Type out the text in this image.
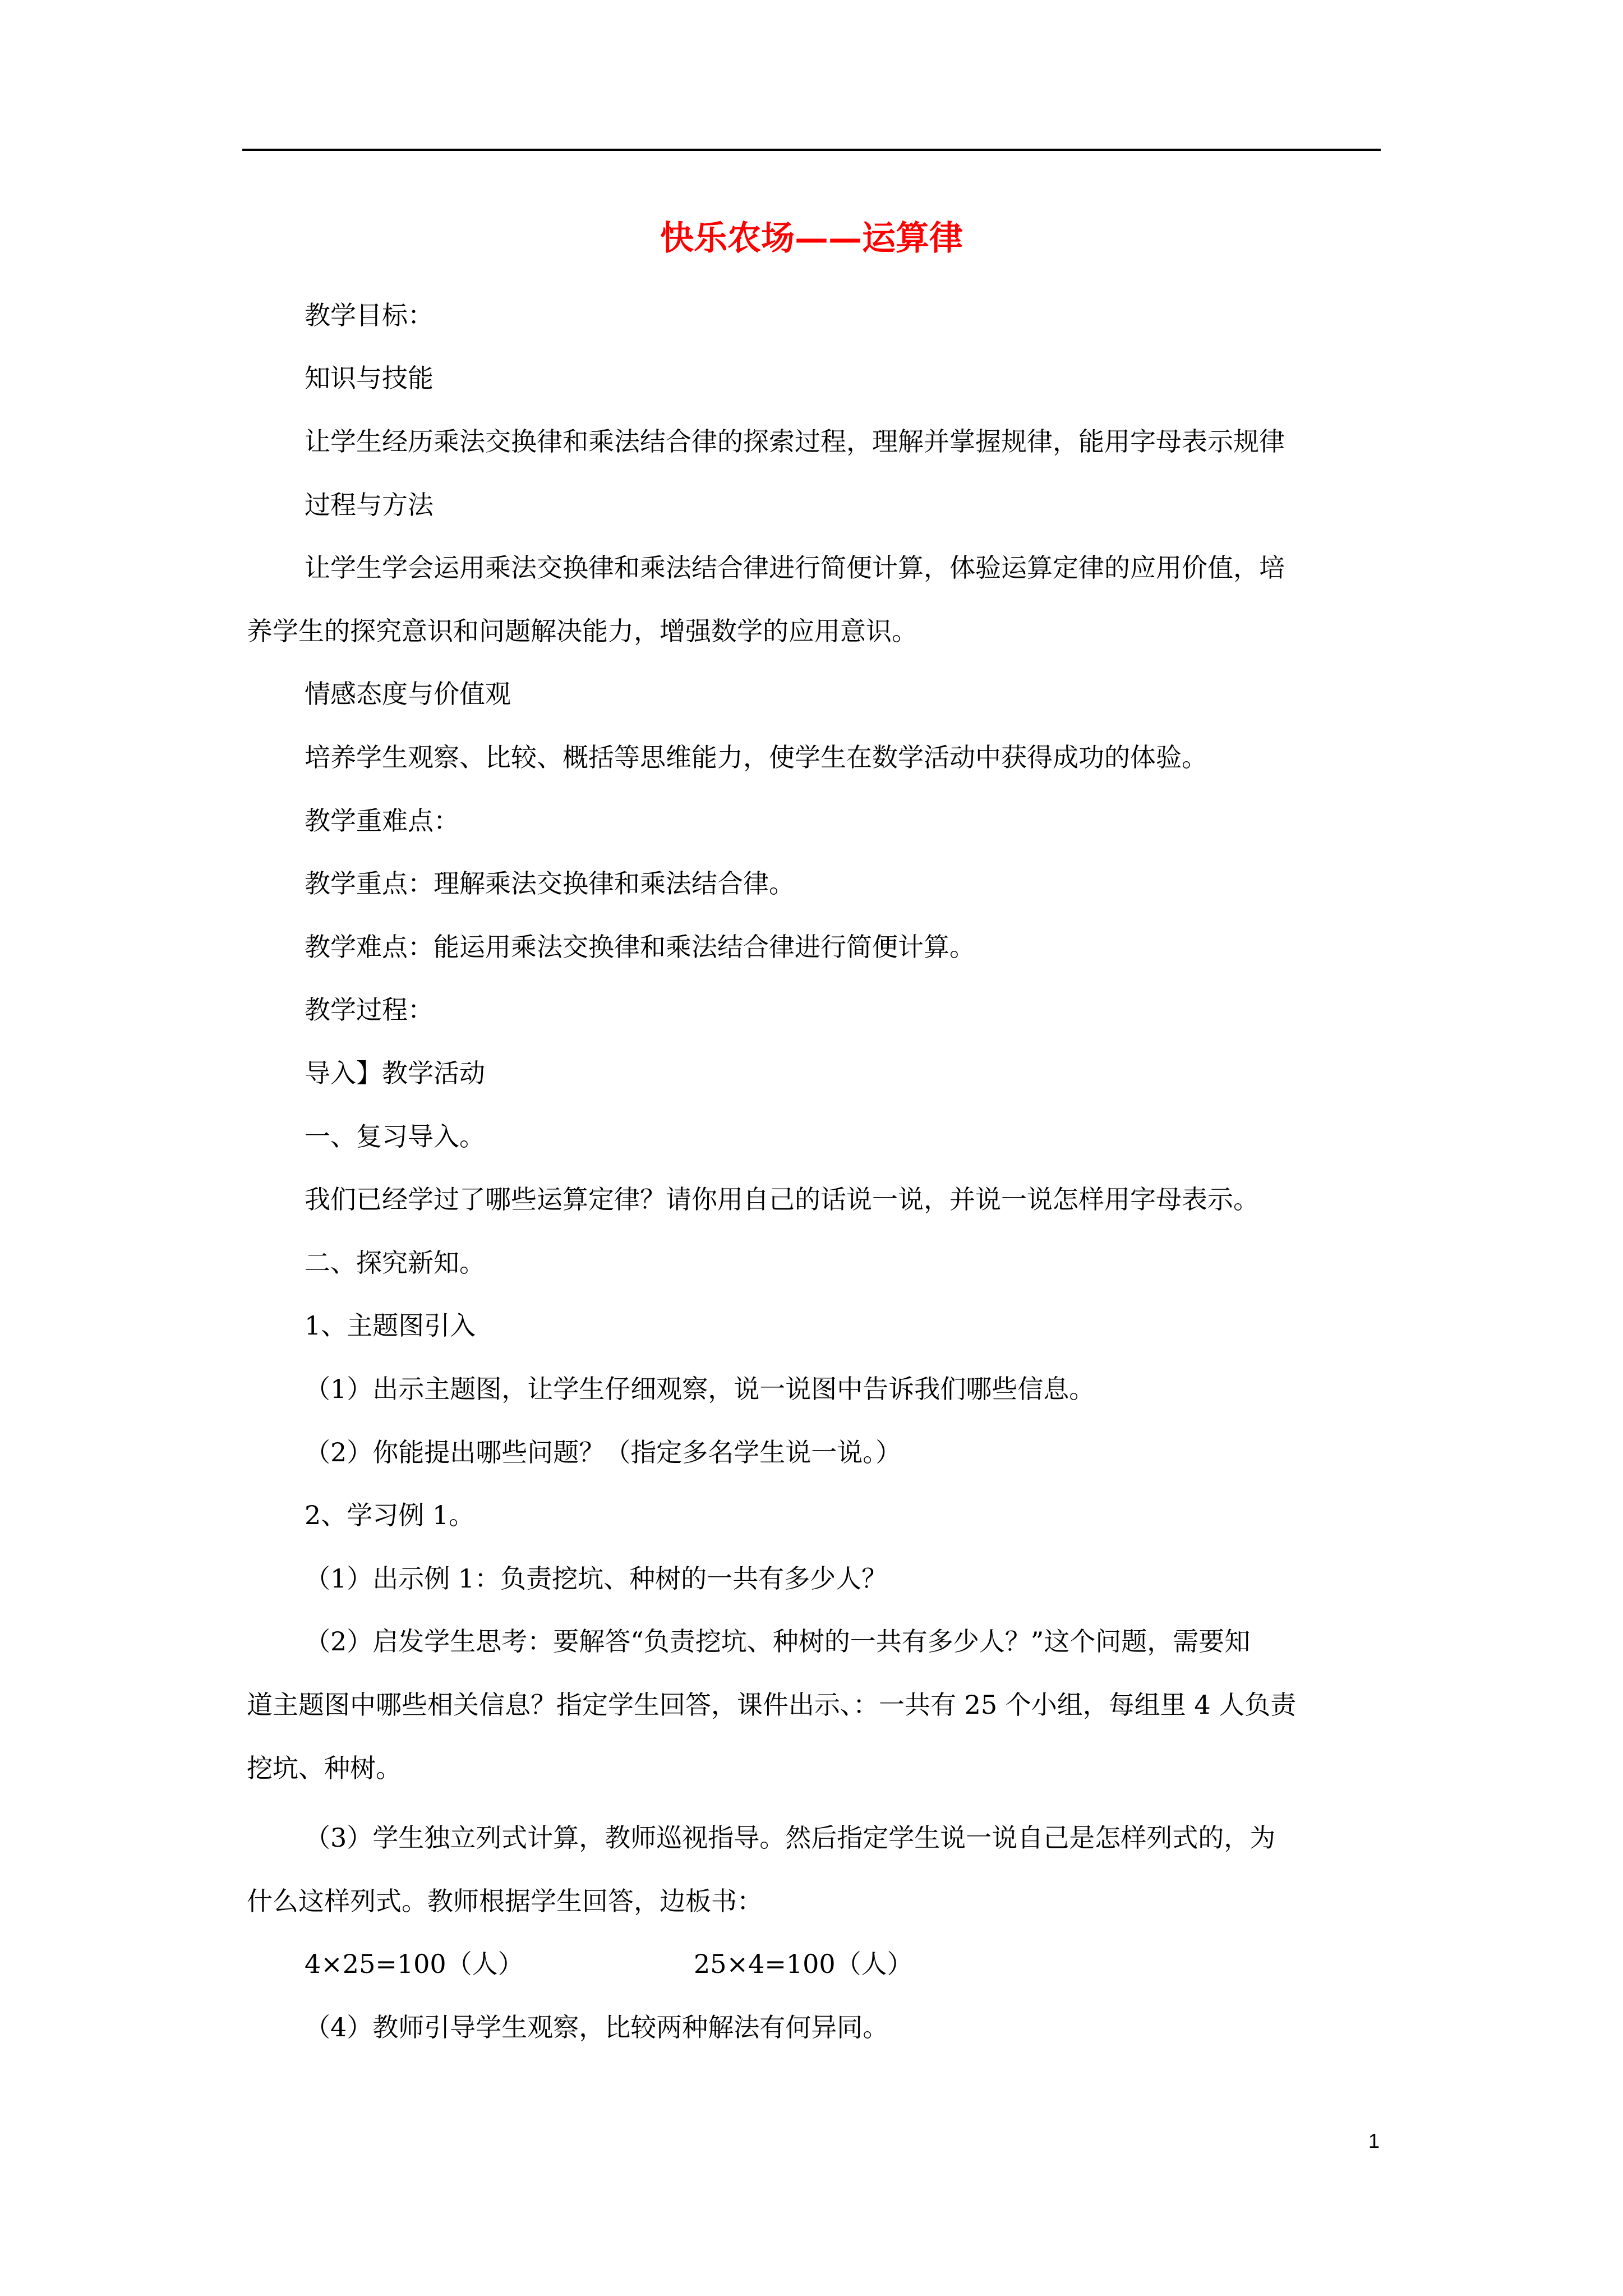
快乐农场——运算律
教学目标：
知识与技能
让学生经历乘法交换律和乘法结合律的探索过程，理解并掌握规律，能用字母表示规律
过程与方法
让学生学会运用乘法交换律和乘法结合律进行简便计算，体验运算定律的应用价值，培
养学生的探究意识和问题解决能力，增强数学的应用意识。
情感态度与价值观
培养学生观察、比较、概括等思维能力，使学生在数学活动中获得成功的体验。
教学重难点：
教学重点：理解乘法交换律和乘法结合律。
教学难点：能运用乘法交换律和乘法结合律进行简便计算。
教学过程：
导入】教学活动
一、复习导入。
我们已经学过了哪些运算定律？请你用自己的话说一说，并说一说怎样用字母表示。
二、探究新知。
1、主题图引入
（1）出示主题图，让学生仔细观察，说一说图中告诉我们哪些信息。
（2）你能提出哪些问题？（指定多名学生说一说。）
2、学习例 1。
（1）出示例 1：负责挖坑、种树的一共有多少人？
（2）启发学生思考：要解答“负责挖坑、种树的一共有多少人？”这个问题，需要知
道主题图中哪些相关信息？指定学生回答，课件出示、：一共有 25 个小组，每组里 4 人负责
挖坑、种树。
（3）学生独立列式计算，教师巡视指导。然后指定学生说一说自己是怎样列式的，为
什么这样列式。教师根据学生回答，边板书：
4×25=100（人）	25×4=100（人）
（4）教师引导学生观察，比较两种解法有何异同。
1
